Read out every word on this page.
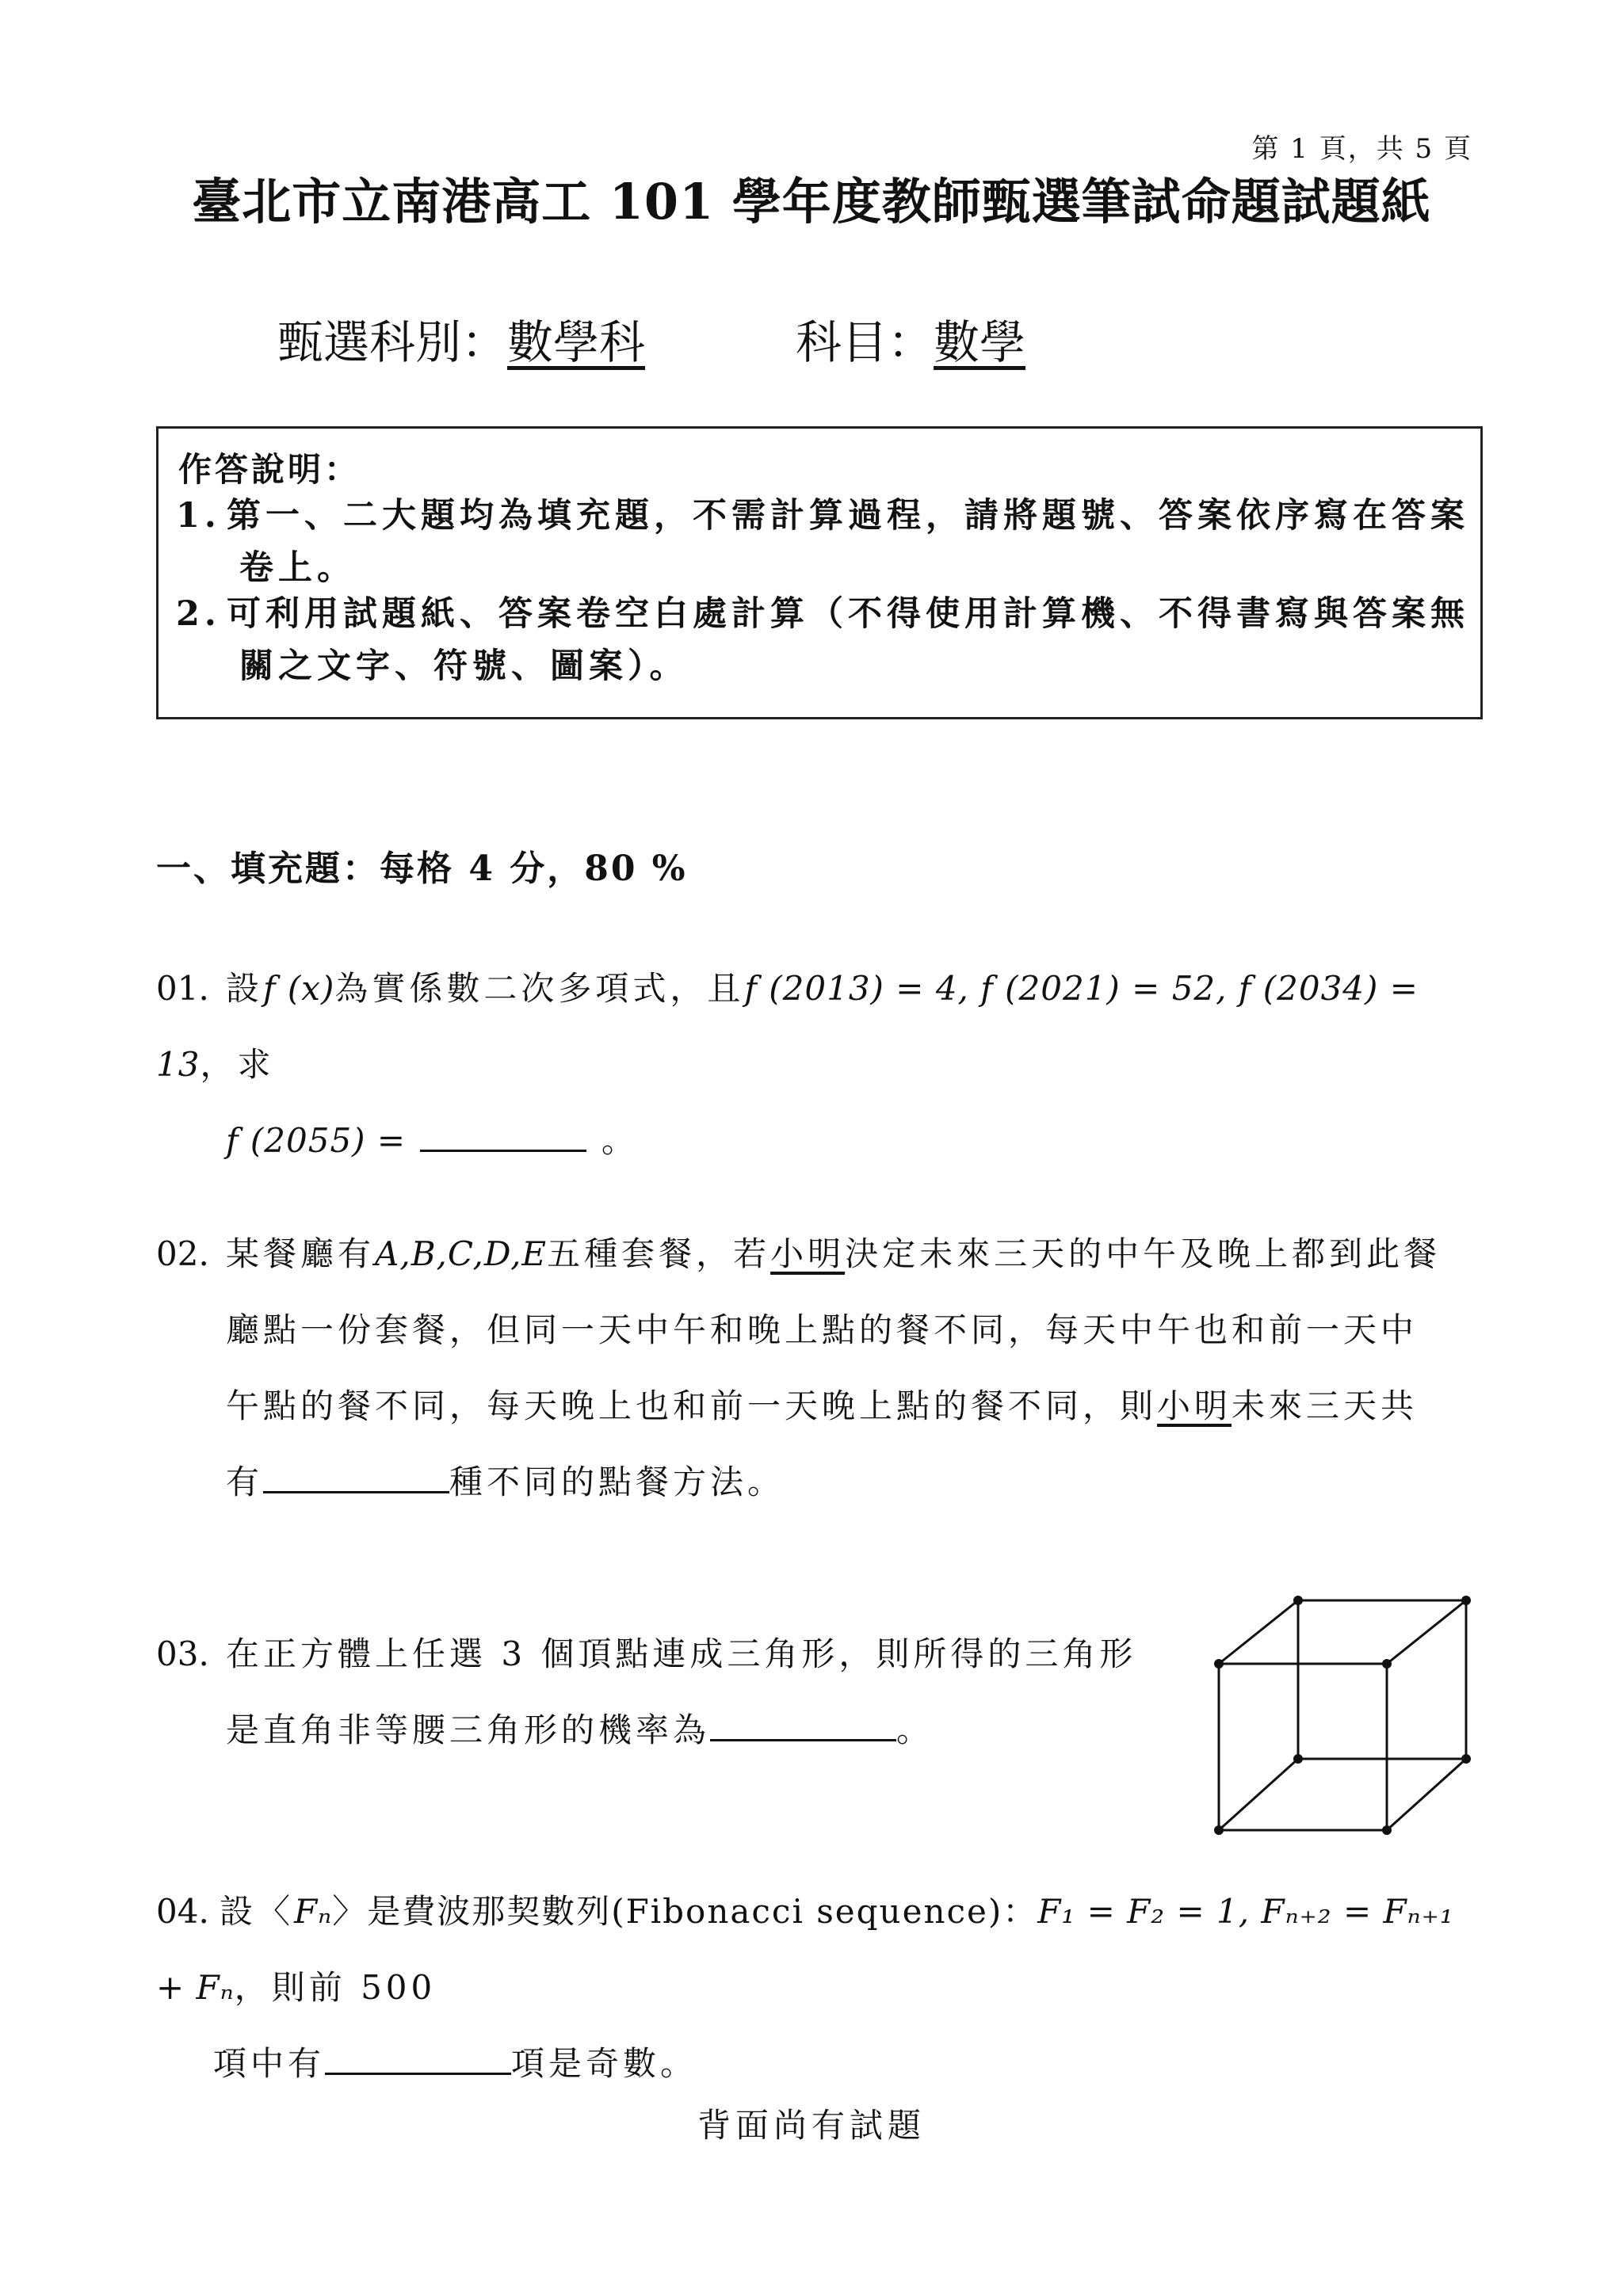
第 1 頁，共 5 頁
臺北市立南港高工 101 學年度教師甄選筆試命題試題紙
甄選科別：數學科	科目：數學
作答說明：
1. 第一、二大題均為填充題，不需計算過程，請將題號、答案依序寫在答案
卷上。
2. 可利用試題紙、答案卷空白處計算（不得使用計算機、不得書寫與答案無
關之文字、符號、圖案）。
一、填充題：每格 4 分，80 %
01. 設f (x)為實係數二次多項式，且f (2013) = 4, f (2021) = 52, f (2034) = 13，求
f (2055) =	。
02. 某餐廳有A,B,C,D,E五種套餐，若小明決定未來三天的中午及晚上都到此餐
廳點一份套餐，但同一天中午和晚上點的餐不同，每天中午也和前一天中
午點的餐不同，每天晚上也和前一天晚上點的餐不同，則小明未來三天共
有	種不同的點餐方法。
03. 在正方體上任選 3 個頂點連成三角形，則所得的三角形
是直角非等腰三角形的機率為	。
04. 設〈Fₙ〉是費波那契數列(Fibonacci sequence)：F₁ = F₂ = 1, Fₙ₊₂ = Fₙ₊₁ + Fₙ，則前 500
項中有	項是奇數。
背面尚有試題
